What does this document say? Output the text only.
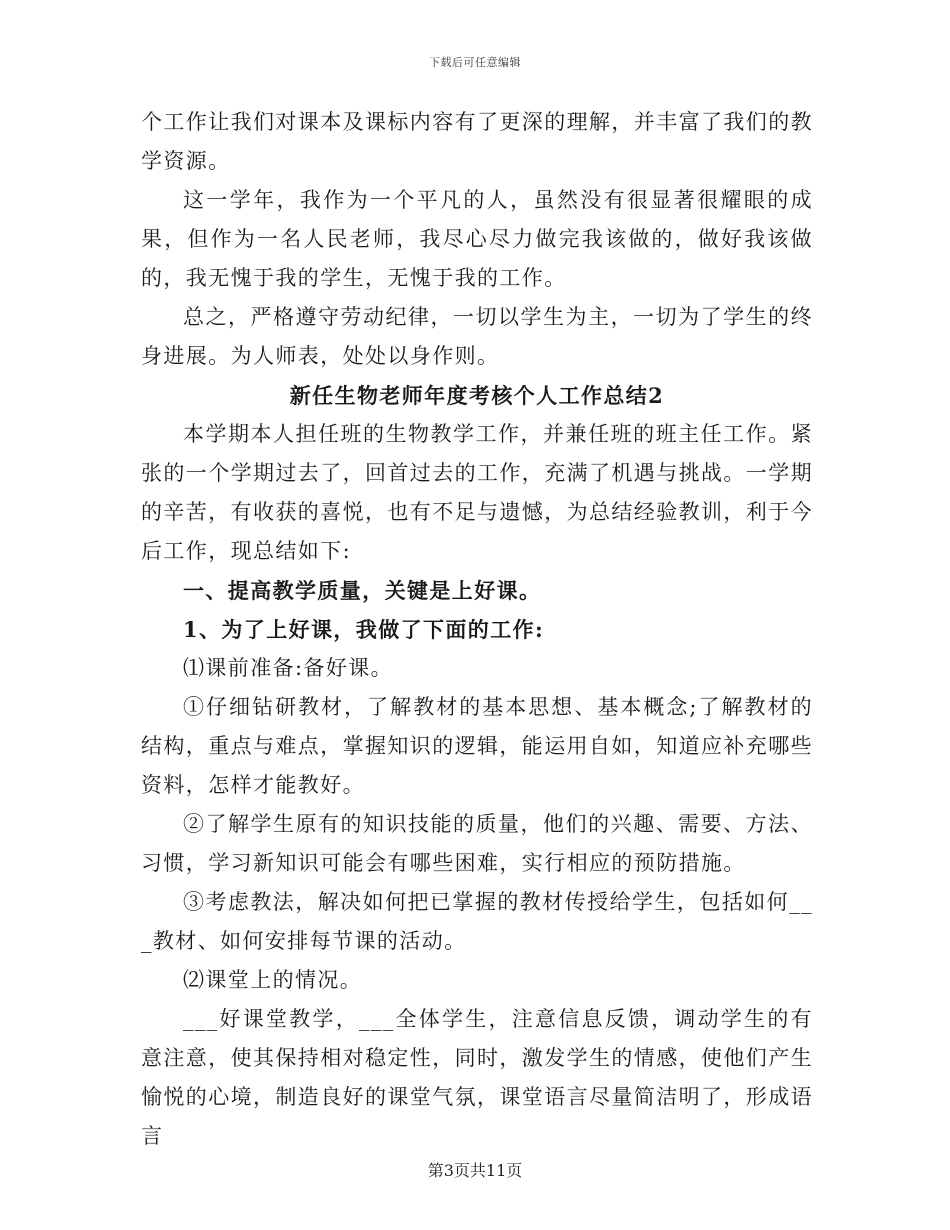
下载后可任意编辑

个工作让我们对课本及课标内容有了更深的理解，并丰富了我们的教学资源。

这一学年，我作为一个平凡的人，虽然没有很显著很耀眼的成果，但作为一名人民老师，我尽心尽力做完我该做的，做好我该做的，我无愧于我的学生，无愧于我的工作。

总之，严格遵守劳动纪律，一切以学生为主，一切为了学生的终身进展。为人师表，处处以身作则。

新任生物老师年度考核个人工作总结2

本学期本人担任班的生物教学工作，并兼任班的班主任工作。紧张的一个学期过去了，回首过去的工作，充满了机遇与挑战。一学期的辛苦，有收获的喜悦，也有不足与遗憾，为总结经验教训，利于今后工作，现总结如下:

一、提高教学质量，关键是上好课。

1、为了上好课，我做了下面的工作:

⑴课前准备:备好课。

①仔细钻研教材，了解教材的基本思想、基本概念;了解教材的结构，重点与难点，掌握知识的逻辑，能运用自如，知道应补充哪些资料，怎样才能教好。

②了解学生原有的知识技能的质量，他们的兴趣、需要、方法、习惯，学习新知识可能会有哪些困难，实行相应的预防措施。

③考虑教法，解决如何把已掌握的教材传授给学生，包括如何___教材、如何安排每节课的活动。

⑵课堂上的情况。

___好课堂教学，___全体学生，注意信息反馈，调动学生的有意注意，使其保持相对稳定性，同时，激发学生的情感，使他们产生愉悦的心境，制造良好的课堂气氛，课堂语言尽量简洁明了，形成语言

第3页共11页
